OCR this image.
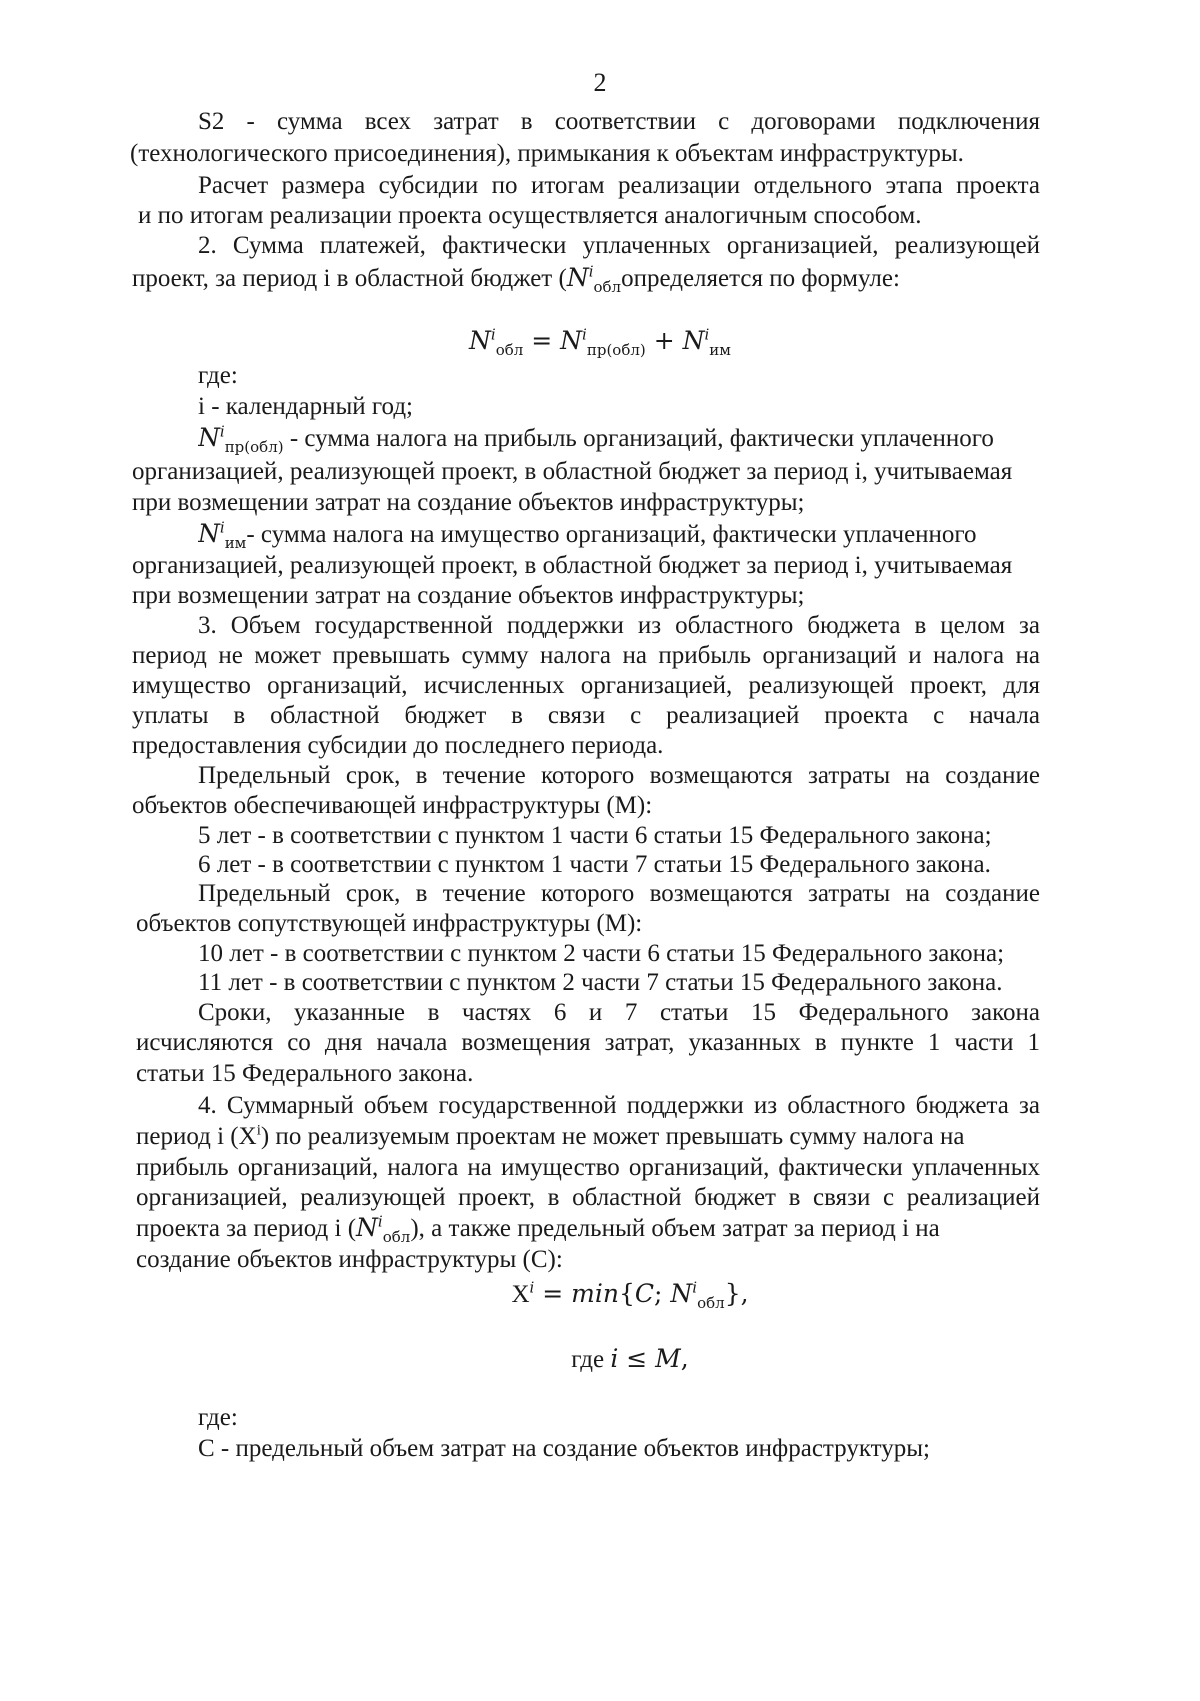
2

S2 - сумма всех затрат в соответствии с договорами подключения

(технологического присоединения), примыкания к объектам инфраструктуры.

Расчет размера субсидии по итогам реализации отдельного этапа проекта

и по итогам реализации проекта осуществляется аналогичным способом.

2. Сумма платежей, фактически уплаченных организацией, реализующей

проект, за период i в областной бюджет ($N^i_{обл}определяется$ по формуле:

$N^i_{обл} = N^i_{пр(обл)} + N^i_{им}$

где:

i - календарный год;

$N^i_{пр(обл)}$ - сумма налога на прибыль организаций, фактически уплаченного

организацией, реализующей проект, в областной бюджет за период i, учитываемая

при возмещении затрат на создание объектов инфраструктуры;

$N^i_{им}-$ сумма налога на имущество организаций, фактически уплаченного

организацией, реализующей проект, в областной бюджет за период i, учитываемая

при возмещении затрат на создание объектов инфраструктуры;

3. Объем государственной поддержки из областного бюджета в целом за

период не может превышать сумму налога на прибыль организаций и налога на

имущество организаций, исчисленных организацией, реализующей проект, для

уплаты в областной бюджет в связи с реализацией проекта с начала

предоставления субсидии до последнего периода.

Предельный срок, в течение которого возмещаются затраты на создание

объектов обеспечивающей инфраструктуры (М):

5 лет - в соответствии с пунктом 1 части 6 статьи 15 Федерального закона;

6 лет - в соответствии с пунктом 1 части 7 статьи 15 Федерального закона.

Предельный срок, в течение которого возмещаются затраты на создание

объектов сопутствующей инфраструктуры (М):

10 лет - в соответствии с пунктом 2 части 6 статьи 15 Федерального закона;

11 лет - в соответствии с пунктом 2 части 7 статьи 15 Федерального закона.

Сроки, указанные в частях 6 и 7 статьи 15 Федерального закона

исчисляются со дня начала возмещения затрат, указанных в пункте 1 части 1

статьи 15 Федерального закона.

4. Суммарный объем государственной поддержки из областного бюджета за

период i $(X^i)$ по реализуемым проектам не может превышать сумму налога на

прибыль организаций, налога на имущество организаций, фактически уплаченных

организацией, реализующей проект, в областной бюджет в связи с реализацией

проекта за период i $(N^i_{обл})$, а также предельный объем затрат за период i на

создание объектов инфраструктуры (С):

$X^i = \min\{C$; $N^i_{обл}$},

где i ≤ M,

где:

С - предельный объем затрат на создание объектов инфраструктуры;
